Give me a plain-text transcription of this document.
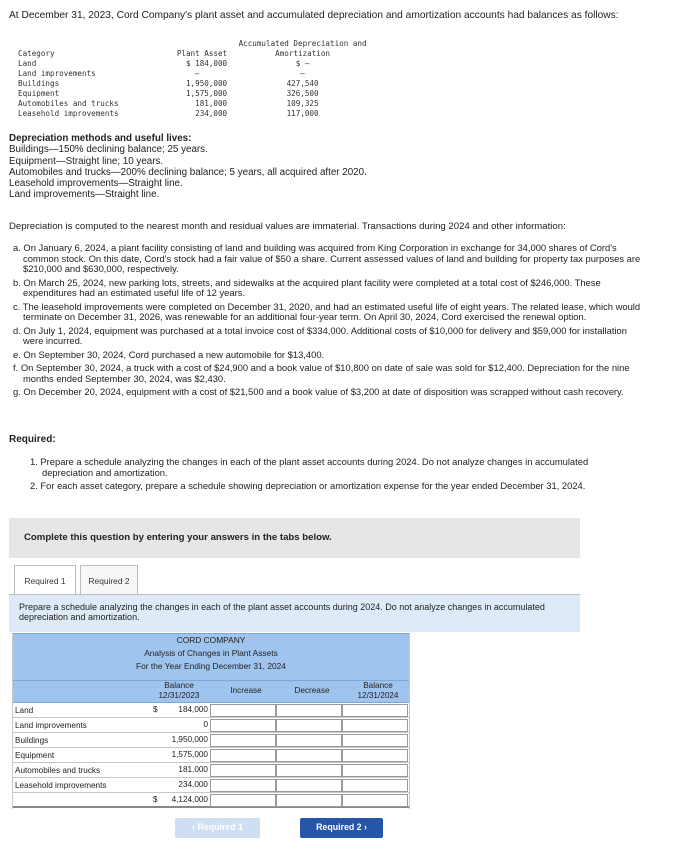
At December 31, 2023, Cord Company's plant asset and accumulated depreciation and amortization accounts had balances as follows:
		Accumulated Depreciation and
Category	Plant Asset	Amortization
Land	$ 184,000	$ —
Land improvements	—	—
Buildings	1,950,000	427,540
Equipment	1,575,000	326,500
Automobiles and trucks	181,000	109,325
Leasehold improvements	234,000	117,000
Depreciation methods and useful lives:
Buildings—150% declining balance; 25 years.
Equipment—Straight line; 10 years.
Automobiles and trucks—200% declining balance; 5 years, all acquired after 2020.
Leasehold improvements—Straight line.
Land improvements—Straight line.
Depreciation is computed to the nearest month and residual values are immaterial. Transactions during 2024 and other information:
a. On January 6, 2024, a plant facility consisting of land and building was acquired from King Corporation in exchange for 34,000 shares of Cord's common stock. On this date, Cord's stock had a fair value of $50 a share. Current assessed values of land and building for property tax purposes are $210,000 and $630,000, respectively.
b. On March 25, 2024, new parking lots, streets, and sidewalks at the acquired plant facility were completed at a total cost of $246,000. These expenditures had an estimated useful life of 12 years.
c. The leasehold improvements were completed on December 31, 2020, and had an estimated useful life of eight years. The related lease, which would terminate on December 31, 2026, was renewable for an additional four-year term. On April 30, 2024, Cord exercised the renewal option.
d. On July 1, 2024, equipment was purchased at a total invoice cost of $334,000. Additional costs of $10,000 for delivery and $59,000 for installation were incurred.
e. On September 30, 2024, Cord purchased a new automobile for $13,400.
f. On September 30, 2024, a truck with a cost of $24,900 and a book value of $10,800 on date of sale was sold for $12,400. Depreciation for the nine months ended September 30, 2024, was $2,430.
g. On December 20, 2024, equipment with a cost of $21,500 and a book value of $3,200 at date of disposition was scrapped without cash recovery.
Required:
1. Prepare a schedule analyzing the changes in each of the plant asset accounts during 2024. Do not analyze changes in accumulated depreciation and amortization.
2. For each asset category, prepare a schedule showing depreciation or amortization expense for the year ended December 31, 2024.
Complete this question by entering your answers in the tabs below.
Required 1	Required 2
Prepare a schedule analyzing the changes in each of the plant asset accounts during 2024. Do not analyze changes in accumulated depreciation and amortization.
CORD COMPANY
Analysis of Changes in Plant Assets
For the Year Ending December 31, 2024
Balance
12/31/2023	Increase	Decrease
Balance
12/31/2024
Land	$	184,000
Land improvements	0
Buildings	1,950,000
Equipment	1,575,000
Automobiles and trucks	181,000
Leasehold improvements	234,000
$	4,124,000
‹ Required 1	Required 2 ›
